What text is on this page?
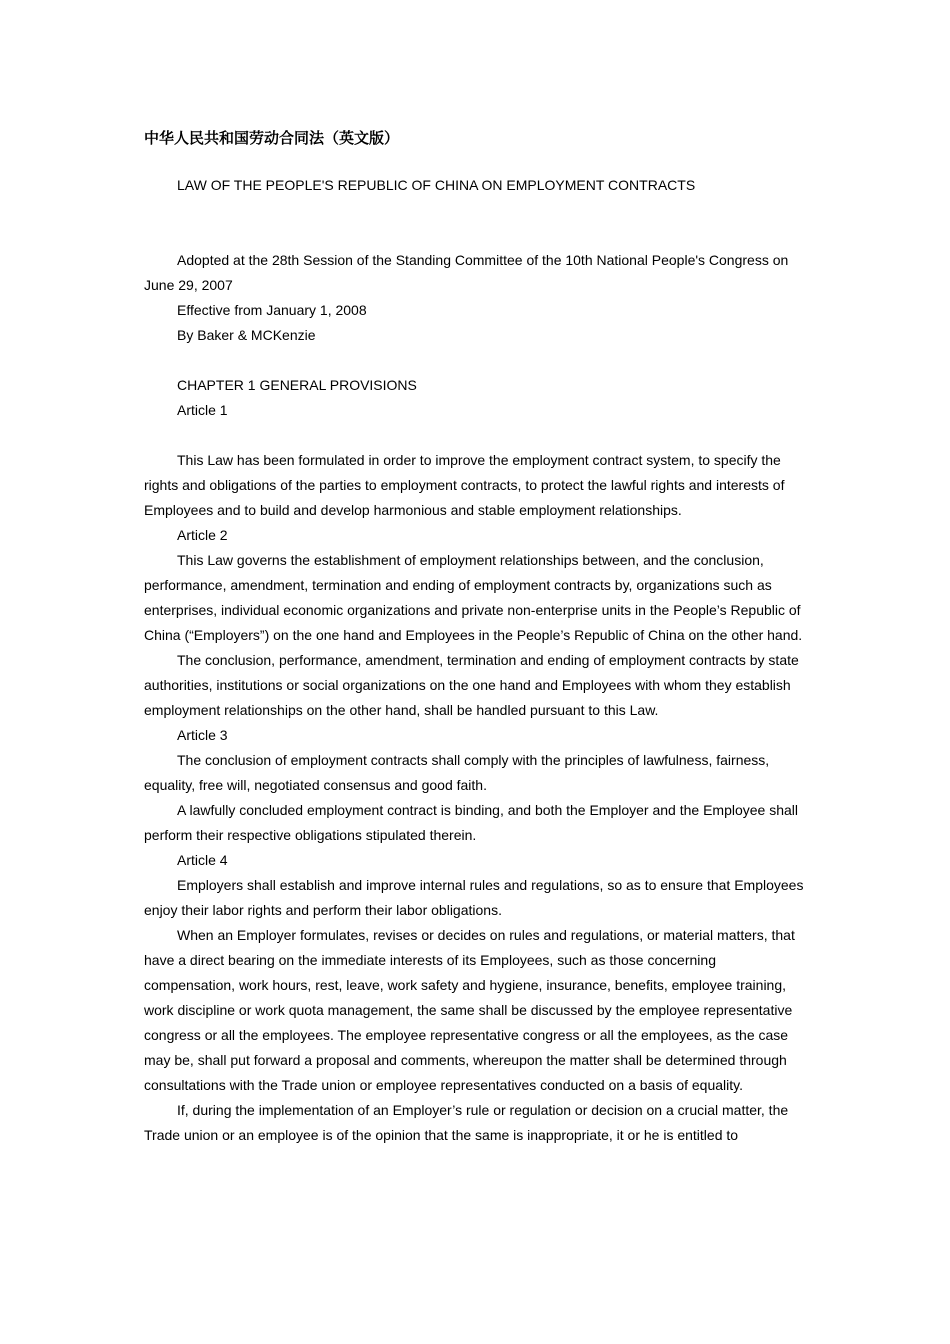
中华人民共和国劳动合同法（英文版）
LAW OF THE PEOPLE'S REPUBLIC OF CHINA ON EMPLOYMENT CONTRACTS

Adopted at the 28th Session of the Standing Committee of the 10th National People's Congress on June 29, 2007

Effective from January 1, 2008
By Baker & MCKenzie
CHAPTER 1 GENERAL PROVISIONS
Article 1

This Law has been formulated in order to improve the employment contract system, to specify the rights and obligations of the parties to employment contracts, to protect the lawful rights and interests of Employees and to build and develop harmonious and stable employment relationships.

Article 2

This Law governs the establishment of employment relationships between, and the conclusion, performance, amendment, termination and ending of employment contracts by, organizations such as enterprises, individual economic organizations and private non-enterprise units in the People’s Republic of China (“Employers”) on the one hand and Employees in the People’s Republic of China on the other hand.

The conclusion, performance, amendment, termination and ending of employment contracts by state authorities, institutions or social organizations on the one hand and Employees with whom they establish employment relationships on the other hand, shall be handled pursuant to this Law.

Article 3

The conclusion of employment contracts shall comply with the principles of lawfulness, fairness, equality, free will, negotiated consensus and good faith.

A lawfully concluded employment contract is binding, and both the Employer and the Employee shall perform their respective obligations stipulated therein.

Article 4

Employers shall establish and improve internal rules and regulations, so as to ensure that Employees enjoy their labor rights and perform their labor obligations.

When an Employer formulates, revises or decides on rules and regulations, or material matters, that have a direct bearing on the immediate interests of its Employees, such as those concerning compensation, work hours, rest, leave, work safety and hygiene, insurance, benefits, employee training, work discipline or work quota management, the same shall be discussed by the employee representative congress or all the employees. The employee representative congress or all the employees, as the case may be, shall put forward a proposal and comments, whereupon the matter shall be determined through consultations with the Trade union or employee representatives conducted on a basis of equality.

If, during the implementation of an Employer’s rule or regulation or decision on a crucial matter, the Trade union or an employee is of the opinion that the same is inappropriate, it or he is entitled to
